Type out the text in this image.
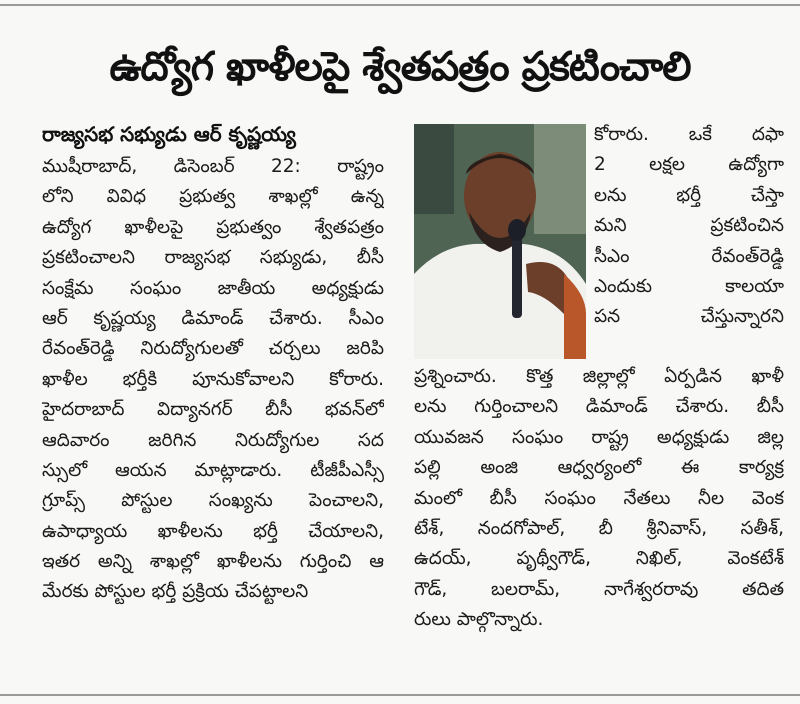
ఉద్యోగ ఖాళీలపై శ్వేతపత్రం ప్రకటించాలి
రాజ్యసభ సభ్యుడు ఆర్ కృష్ణయ్య
ముషీరాబాద్, డిసెంబర్ 22: రాష్ట్రం
లోని వివిధ ప్రభుత్వ శాఖల్లో ఉన్న
ఉద్యోగ ఖాళీలపై ప్రభుత్వం శ్వేతపత్రం
ప్రకటించాలని రాజ్యసభ సభ్యుడు, బీసీ
సంక్షేమ సంఘం జాతీయ అధ్యక్షుడు
ఆర్ కృష్ణయ్య డిమాండ్ చేశారు. సీఎం
రేవంత్‌రెడ్డి నిరుద్యోగులతో చర్చలు జరిపి
ఖాళీల భర్తీకి పూనుకోవాలని కోరారు.
హైదరాబాద్ విద్యానగర్ బీసీ భవన్‌లో
ఆదివారం జరిగిన నిరుద్యోగుల సద
స్సులో ఆయన మాట్లాడారు. టీజీపీఎస్సీ
గ్రూప్స్ పోస్టుల సంఖ్యను పెంచాలని,
ఉపాధ్యాయ ఖాళీలను భర్తీ చేయాలని,
ఇతర అన్ని శాఖల్లో ఖాళీలను గుర్తించి ఆ
మేరకు పోస్టుల భర్తీ ప్రక్రియ చేపట్టాలని
కోరారు. ఒకే దఫా
2 లక్షల ఉద్యోగా
లను భర్తీ చేస్తా
మని ప్రకటించిన
సీఎం రేవంత్‌రెడ్డి
ఎందుకు కాలయా
పన చేస్తున్నారని
ప్రశ్నించారు. కొత్త జిల్లాల్లో ఏర్పడిన ఖాళీ
లను గుర్తించాలని డిమాండ్ చేశారు. బీసీ
యువజన సంఘం రాష్ట్ర అధ్యక్షుడు జిల్ల
పల్లి అంజి ఆధ్వర్యంలో ఈ కార్యక్ర
మంలో బీసీ సంఘం నేతలు నీల వెంక
టేశ్, నందగోపాల్, బీ శ్రీనివాస్, సతీశ్,
ఉదయ్, పృథ్వీగౌడ్, నిఖిల్, వెంకటేశ్
గౌడ్, బలరామ్, నాగేశ్వరరావు తదిత
రులు పాల్గొన్నారు.
